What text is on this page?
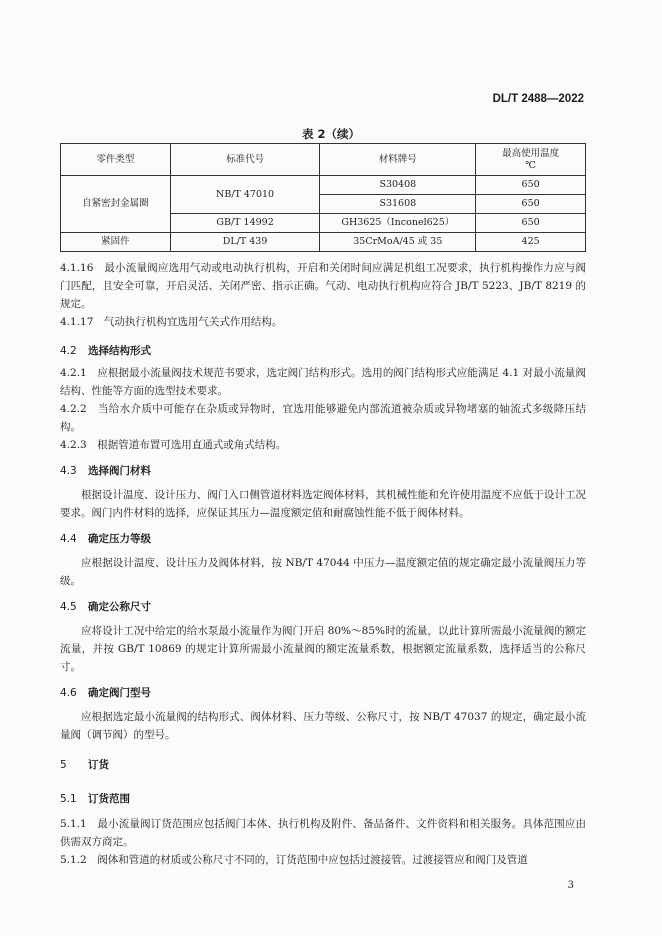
DL/T 2488—2022
表 2（续）
零件类型	标准代号	材料牌号	最高使用温度
℃

自紧密封金属圈	NB/T 47010	S30408	650
		S31608	650
	GB/T 14992	GH3625（Inconel625）	650
紧固件	DL/T 439	35CrMoA/45 或 35	425

4.1.16　最小流量阀应选用气动或电动执行机构，开启和关闭时间应满足机组工况要求，执行机构操作力应与阀门匹配，且安全可靠，开启灵活、关闭严密、指示正确。气动、电动执行机构应符合 JB/T 5223、JB/T 8219 的规定。

4.1.17　气动执行机构宜选用气关式作用结构。

4.2 选择结构形式

4.2.1　应根据最小流量阀技术规范书要求，选定阀门结构形式。选用的阀门结构形式应能满足 4.1 对最小流量阀结构、性能等方面的选型技术要求。

4.2.2　当给水介质中可能存在杂质或异物时，宜选用能够避免内部流道被杂质或异物堵塞的轴流式多级降压结构。

4.2.3　根据管道布置可选用直通式或角式结构。

4.3 选择阀门材料

根据设计温度、设计压力、阀门入口侧管道材料选定阀体材料，其机械性能和允许使用温度不应低于设计工况要求。阀门内件材料的选择，应保证其压力—温度额定值和耐腐蚀性能不低于阀体材料。

4.4 确定压力等级

应根据设计温度、设计压力及阀体材料，按 NB/T 47044 中压力—温度额定值的规定确定最小流量阀压力等级。

4.5 确定公称尺寸

应将设计工况中给定的给水泵最小流量作为阀门开启 80%～85%时的流量，以此计算所需最小流量阀的额定流量，并按 GB/T 10869 的规定计算所需最小流量阀的额定流量系数，根据额定流量系数，选择适当的公称尺寸。

4.6 确定阀门型号

应根据选定最小流量阀的结构形式、阀体材料、压力等级、公称尺寸，按 NB/T 47037 的规定，确定最小流量阀（调节阀）的型号。

5 订货
5.1 订货范围

5.1.1　最小流量阀订货范围应包括阀门本体、执行机构及附件、备品备件、文件资料和相关服务。具体范围应由供需双方商定。

5.1.2　阀体和管道的材质或公称尺寸不同的，订货范围中应包括过渡接管。过渡接管应和阀门及管道

3
